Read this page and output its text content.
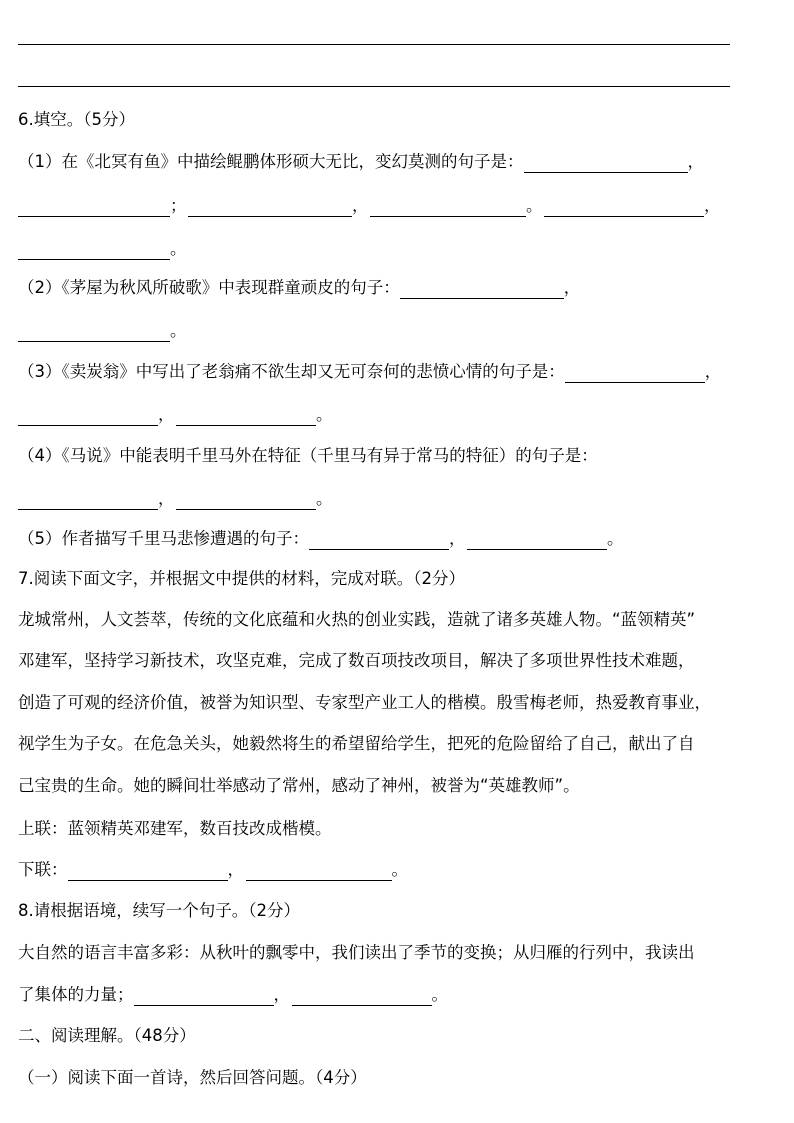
6.填空。（5分）
（1）在《北冥有鱼》中描绘鲲鹏体形硕大无比，变幻莫测的句子是：	，
；	，	。	，
。
（2）《茅屋为秋风所破歌》中表现群童顽皮的句子：	，
。
（3）《卖炭翁》中写出了老翁痛不欲生却又无可奈何的悲愤心情的句子是：	，
，	。
（4）《马说》中能表明千里马外在特征（千里马有异于常马的特征）的句子是：
，	。
（5）作者描写千里马悲惨遭遇的句子：	，	。
7.阅读下面文字，并根据文中提供的材料，完成对联。（2分）
龙城常州，人文荟萃，传统的文化底蕴和火热的创业实践，造就了诸多英雄人物。“蓝领精英”
邓建军，坚持学习新技术，攻坚克难，完成了数百项技改项目，解决了多项世界性技术难题，
创造了可观的经济价值，被誉为知识型、专家型产业工人的楷模。殷雪梅老师，热爱教育事业，
视学生为子女。在危急关头，她毅然将生的希望留给学生，把死的危险留给了自己，献出了自
己宝贵的生命。她的瞬间壮举感动了常州，感动了神州，被誉为“英雄教师”。
上联：蓝领精英邓建军，数百技改成楷模。
下联：	，	。
8.请根据语境，续写一个句子。（2分）
大自然的语言丰富多彩：从秋叶的飘零中，我们读出了季节的变换；从归雁的行列中，我读出
了集体的力量；	，	。
二、阅读理解。（48分）
（一）阅读下面一首诗，然后回答问题。（4分）
